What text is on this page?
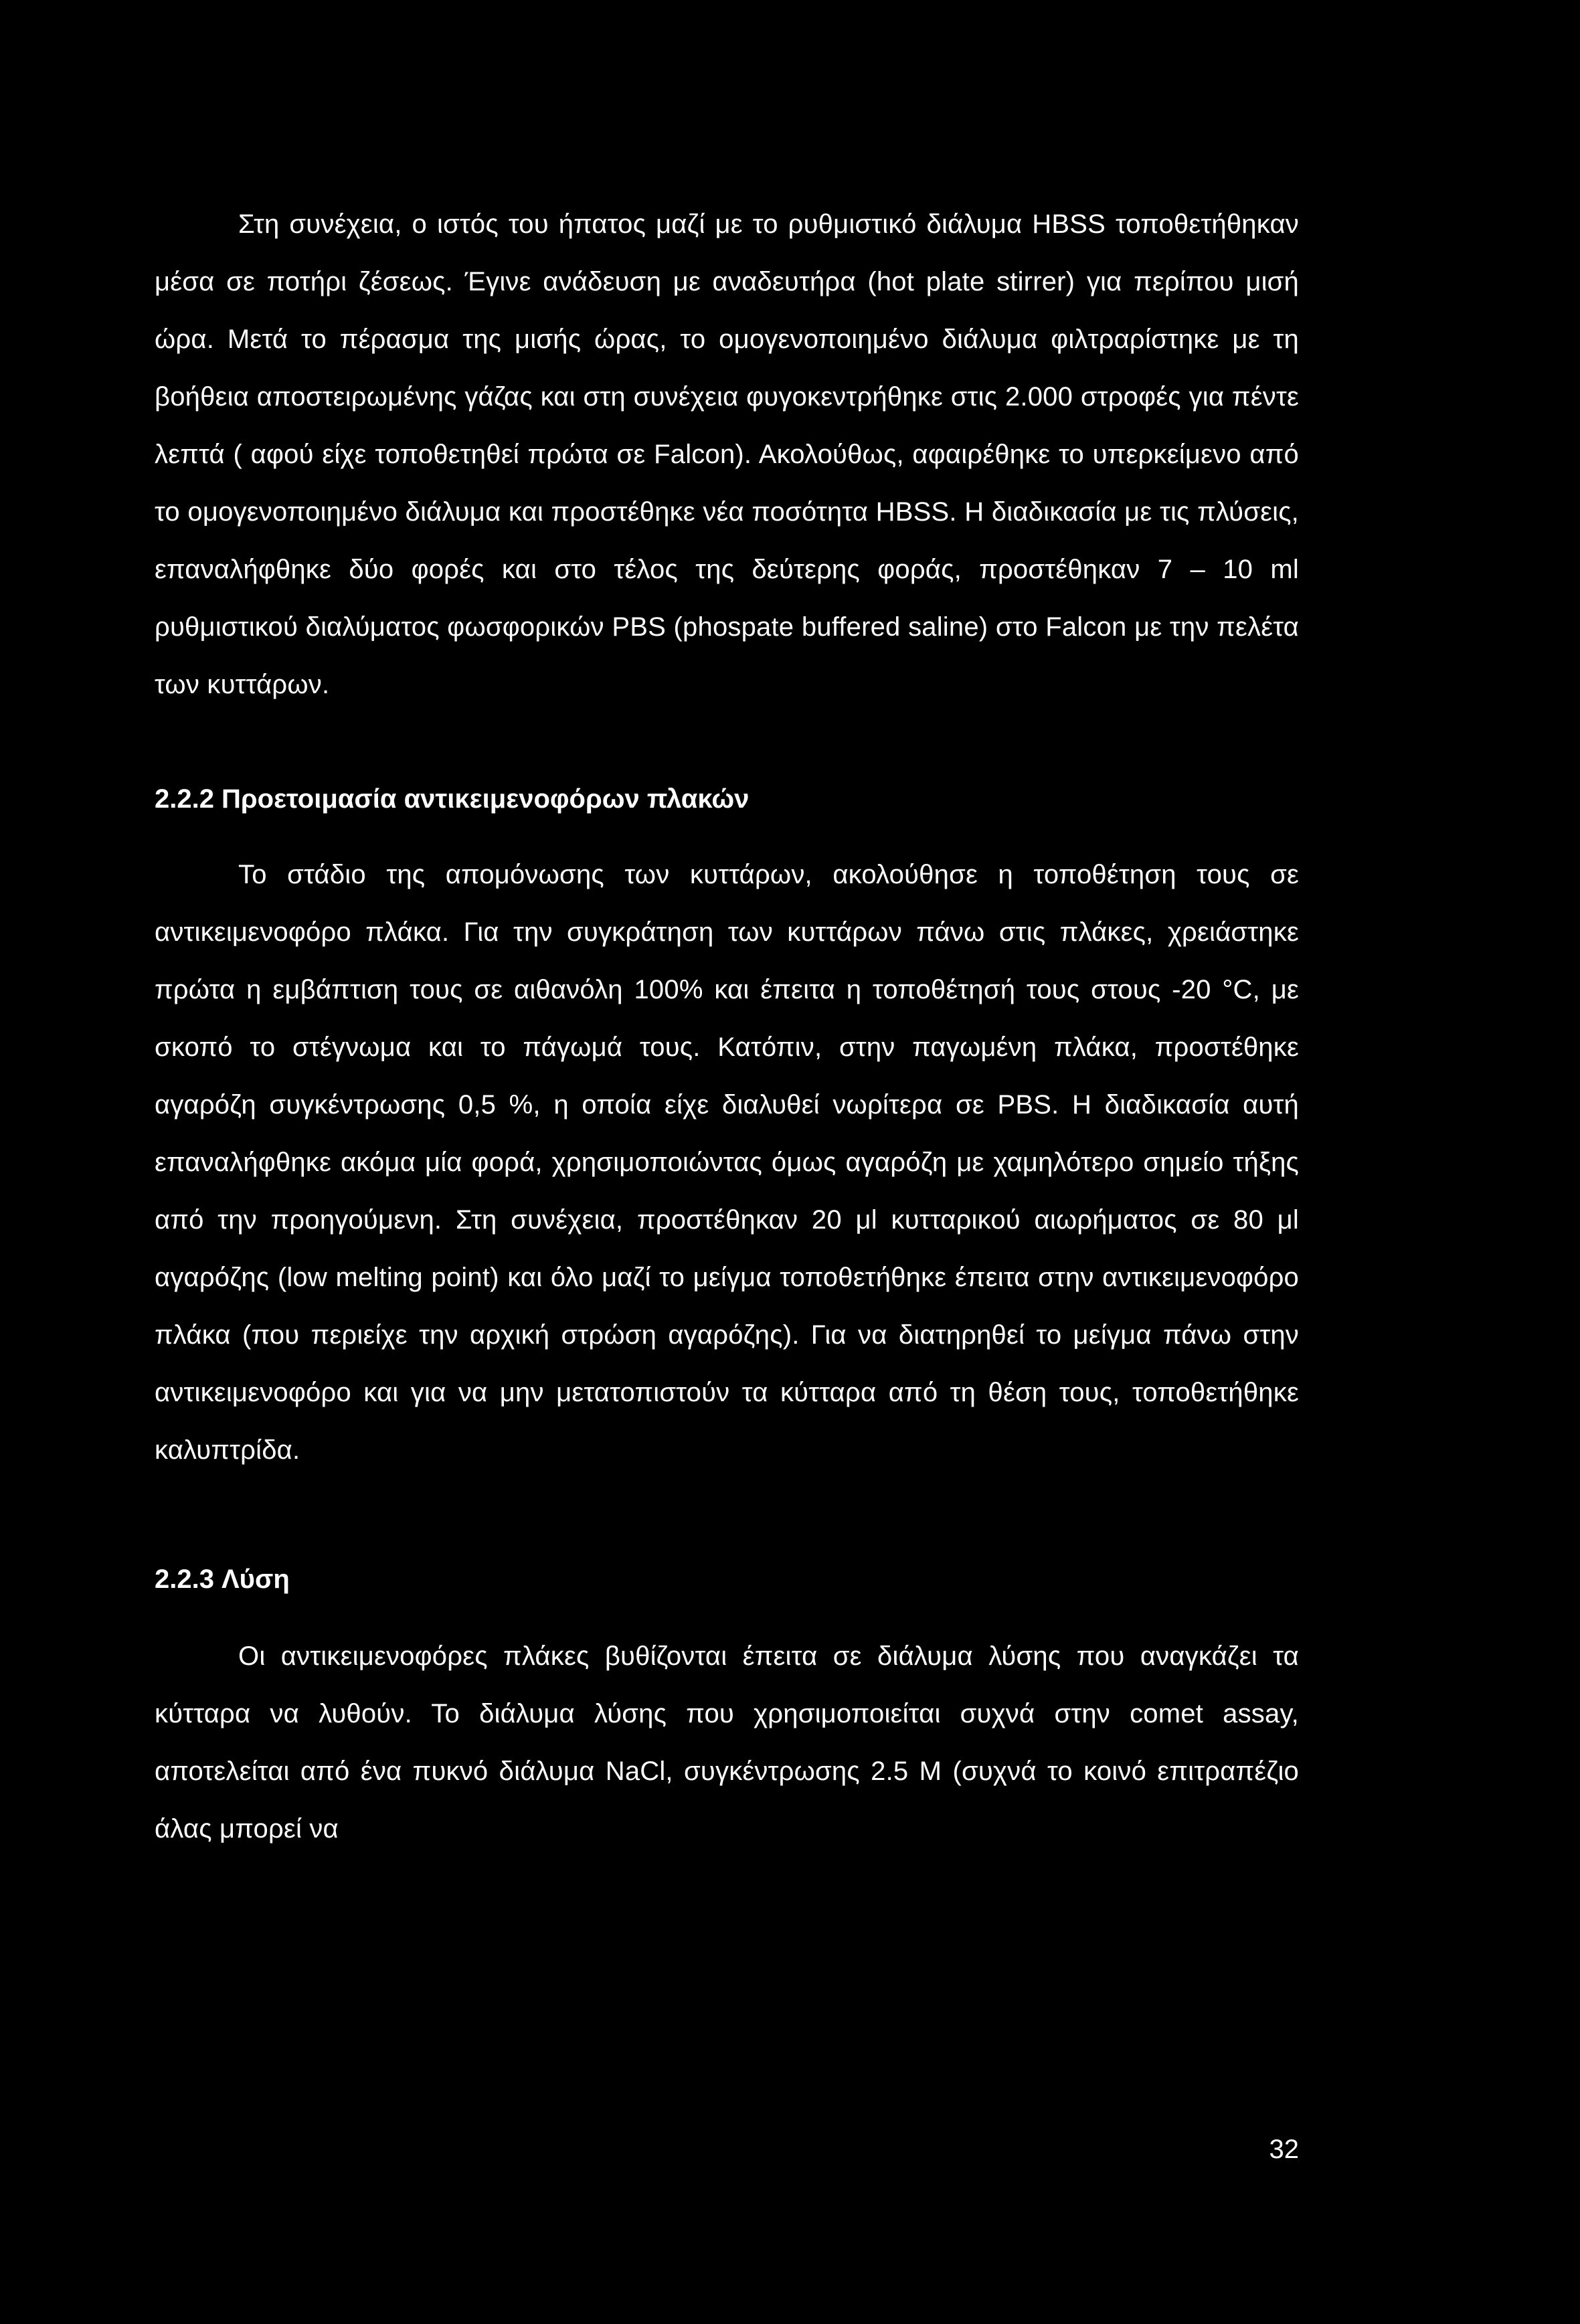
Στη συνέχεια, ο ιστός του ήπατος μαζί με το ρυθμιστικό διάλυμα HBSS τοποθετήθηκαν μέσα σε ποτήρι ζέσεως. Έγινε ανάδευση με αναδευτήρα (hot plate stirrer) για περίπου μισή ώρα. Μετά το πέρασμα της μισής ώρας, το ομογενοποιημένο διάλυμα φιλτραρίστηκε με τη βοήθεια αποστειρωμένης γάζας και στη συνέχεια φυγοκεντρήθηκε στις 2.000 στροφές για πέντε λεπτά ( αφού είχε τοποθετηθεί πρώτα σε Falcon). Ακολούθως, αφαιρέθηκε το υπερκείμενο από το ομογενοποιημένο διάλυμα και προστέθηκε νέα ποσότητα HBSS. Η διαδικασία με τις πλύσεις, επαναλήφθηκε δύο φορές και στο τέλος της δεύτερης φοράς, προστέθηκαν 7 – 10 ml ρυθμιστικού διαλύματος φωσφορικών PBS (phospate buffered saline) στο Falcon με την πελέτα των κυττάρων.

2.2.2 Προετοιμασία αντικειμενοφόρων πλακών

Το στάδιο της απομόνωσης των κυττάρων, ακολούθησε η τοποθέτηση τους σε αντικειμενοφόρο πλάκα. Για την συγκράτηση των κυττάρων πάνω στις πλάκες, χρειάστηκε πρώτα η εμβάπτιση τους σε αιθανόλη 100% και έπειτα η τοποθέτησή τους στους -20 °C, με σκοπό το στέγνωμα και το πάγωμά τους. Κατόπιν, στην παγωμένη πλάκα, προστέθηκε αγαρόζη συγκέντρωσης 0,5 %, η οποία είχε διαλυθεί νωρίτερα σε PBS. Η διαδικασία αυτή επαναλήφθηκε ακόμα μία φορά, χρησιμοποιώντας όμως αγαρόζη με χαμηλότερο σημείο τήξης από την προηγούμενη. Στη συνέχεια, προστέθηκαν 20 μl κυτταρικού αιωρήματος σε 80 μl αγαρόζης (low melting point) και όλο μαζί το μείγμα τοποθετήθηκε έπειτα στην αντικειμενοφόρο πλάκα (που περιείχε την αρχική στρώση αγαρόζης). Για να διατηρηθεί το μείγμα πάνω στην αντικειμενοφόρο και για να μην μετατοπιστούν τα κύτταρα από τη θέση τους, τοποθετήθηκε καλυπτρίδα.

2.2.3 Λύση

Οι αντικειμενοφόρες πλάκες βυθίζονται έπειτα σε διάλυμα λύσης που αναγκάζει τα κύτταρα να λυθούν. Το διάλυμα λύσης που χρησιμοποιείται συχνά στην comet assay, αποτελείται από ένα πυκνό διάλυμα NaCl, συγκέντρωσης 2.5 M (συχνά το κοινό επιτραπέζιο άλας μπορεί να

32
